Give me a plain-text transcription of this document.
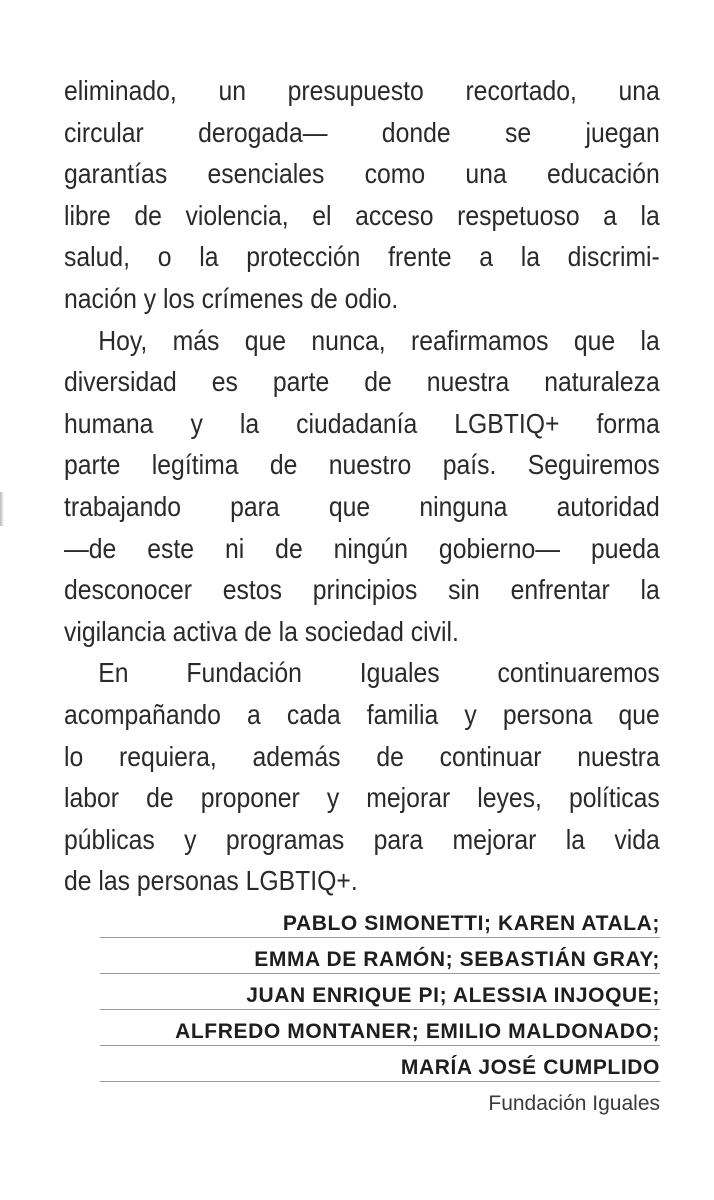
eliminado, un presupuesto recortado, una
circular derogada— donde se juegan
garantías esenciales como una educación
libre de violencia, el acceso respetuoso a la
salud, o la protección frente a la discrimi-
nación y los crímenes de odio.
Hoy, más que nunca, reafirmamos que la
diversidad es parte de nuestra naturaleza
humana y la ciudadanía LGBTIQ+ forma
parte legítima de nuestro país. Seguiremos
trabajando para que ninguna autoridad
—de este ni de ningún gobierno— pueda
desconocer estos principios sin enfrentar la
vigilancia activa de la sociedad civil.
En Fundación Iguales continuaremos
acompañando a cada familia y persona que
lo requiera, además de continuar nuestra
labor de proponer y mejorar leyes, políticas
públicas y programas para mejorar la vida
de las personas LGBTIQ+.
PABLO SIMONETTI; KAREN ATALA;
EMMA DE RAMÓN; SEBASTIÁN GRAY;
JUAN ENRIQUE PI; ALESSIA INJOQUE;
ALFREDO MONTANER; EMILIO MALDONADO;
MARÍA JOSÉ CUMPLIDO
Fundación Iguales
